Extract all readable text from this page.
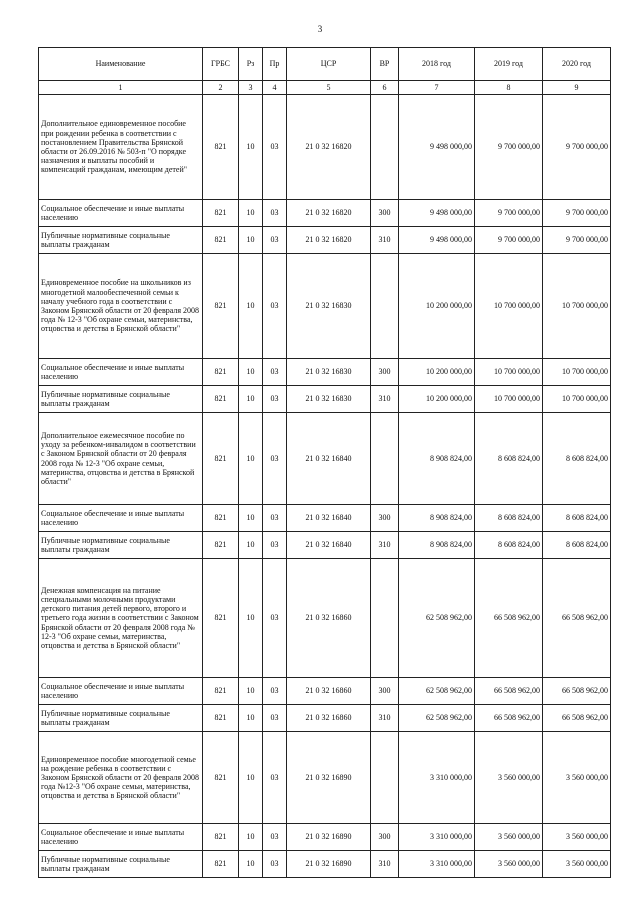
3
Наименование	ГРБС	Рз	Пр	ЦСР	ВР	2018 год	2019 год	2020 год
1	2	3	4	5	6	7	8	9
Дополнительное единовременное пособие при рождении ребенка в соответствии с постановлением Правительства Брянской области от 26.09.2016 № 503-п "О порядке назначения и выплаты пособий и компенсаций гражданам, имеющим детей"	821	10	03	21 0 32 16820		9 498 000,00	9 700 000,00	9 700 000,00
Социальное обеспечение и иные выплаты населению	821	10	03	21 0 32 16820	300	9 498 000,00	9 700 000,00	9 700 000,00
Публичные нормативные социальные выплаты гражданам	821	10	03	21 0 32 16820	310	9 498 000,00	9 700 000,00	9 700 000,00
Единовременное пособие на школьников из многодетной малообеспеченной семьи к началу учебного года в соответствии с Законом Брянской области от 20 февраля 2008 года № 12-3 "Об охране семьи, материнства, отцовства и детства в Брянской области"	821	10	03	21 0 32 16830		10 200 000,00	10 700 000,00	10 700 000,00
Социальное обеспечение и иные выплаты населению	821	10	03	21 0 32 16830	300	10 200 000,00	10 700 000,00	10 700 000,00
Публичные нормативные социальные выплаты гражданам	821	10	03	21 0 32 16830	310	10 200 000,00	10 700 000,00	10 700 000,00
Дополнительное ежемесячное пособие по уходу за ребенком-инвалидом в соответствии с Законом Брянской области от 20 февраля 2008 года № 12-3 "Об охране семьи, материнства, отцовства и детства в Брянской области"	821	10	03	21 0 32 16840		8 908 824,00	8 608 824,00	8 608 824,00
Социальное обеспечение и иные выплаты населению	821	10	03	21 0 32 16840	300	8 908 824,00	8 608 824,00	8 608 824,00
Публичные нормативные социальные выплаты гражданам	821	10	03	21 0 32 16840	310	8 908 824,00	8 608 824,00	8 608 824,00
Денежная компенсация на питание специальными молочными продуктами детского питания детей первого, второго и третьего года жизни в соответствии с Законом Брянской области от 20 февраля 2008 года № 12-3 "Об охране семьи, материнства, отцовства и детства в Брянской области"	821	10	03	21 0 32 16860		62 508 962,00	66 508 962,00	66 508 962,00
Социальное обеспечение и иные выплаты населению	821	10	03	21 0 32 16860	300	62 508 962,00	66 508 962,00	66 508 962,00
Публичные нормативные социальные выплаты гражданам	821	10	03	21 0 32 16860	310	62 508 962,00	66 508 962,00	66 508 962,00
Единовременное пособие многодетной семье на рождение ребенка в соответствии с Законом Брянской области от 20 февраля 2008 года №12-3 "Об охране семьи, материнства, отцовства и детства в Брянской области"	821	10	03	21 0 32 16890		3 310 000,00	3 560 000,00	3 560 000,00
Социальное обеспечение и иные выплаты населению	821	10	03	21 0 32 16890	300	3 310 000,00	3 560 000,00	3 560 000,00
Публичные нормативные социальные выплаты гражданам	821	10	03	21 0 32 16890	310	3 310 000,00	3 560 000,00	3 560 000,00
